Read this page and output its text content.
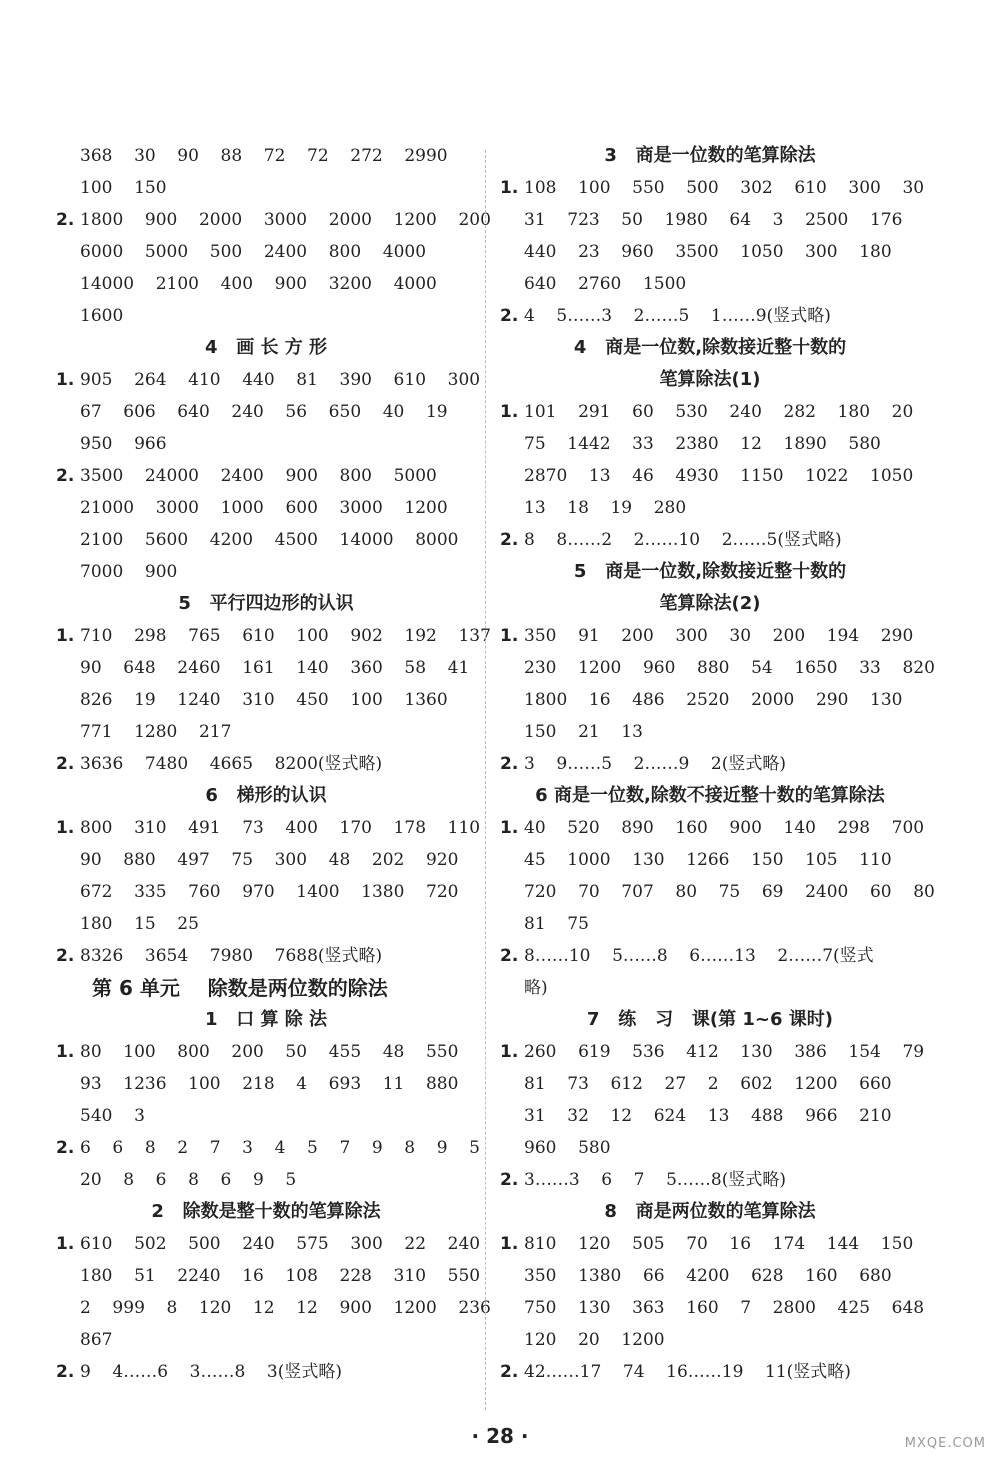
368    30    90    88    72    72    272    2990
100    150
2. 1800    900    2000    3000    2000    1200    200
6000    5000    500    2400    800    4000
14000    2100    400    900    3200    4000
1600
4   画 长 方 形
1. 905    264    410    440    81    390    610    300
67    606    640    240    56    650    40    19
950    966
2. 3500    24000    2400    900    800    5000
21000    3000    1000    600    3000    1200
2100    5600    4200    4500    14000    8000
7000    900
5   平行四边形的认识
1. 710    298    765    610    100    902    192    137
90    648    2460    161    140    360    58    41
826    19    1240    310    450    100    1360
771    1280    217
2. 3636    7480    4665    8200(竖式略)
6   梯形的认识
1. 800    310    491    73    400    170    178    110
90    880    497    75    300    48    202    920
672    335    760    970    1400    1380    720
180    15    25
2. 8326    3654    7980    7688(竖式略)
第 6 单元    除数是两位数的除法
1   口 算 除 法
1. 80    100    800    200    50    455    48    550
93    1236    100    218    4    693    11    880
540    3
2. 6    6    8    2    7    3    4    5    7    9    8    9    5
20    8    6    8    6    9    5
2   除数是整十数的笔算除法
1. 610    502    500    240    575    300    22    240
180    51    2240    16    108    228    310    550
2    999    8    120    12    12    900    1200    236
867
2. 9    4……6    3……8    3(竖式略)
3   商是一位数的笔算除法
1. 108    100    550    500    302    610    300    30
31    723    50    1980    64    3    2500    176
440    23    960    3500    1050    300    180
640    2760    1500
2. 4    5……3    2……5    1……9(竖式略)
4   商是一位数,除数接近整十数的
笔算除法(1)
1. 101    291    60    530    240    282    180    20
75    1442    33    2380    12    1890    580
2870    13    46    4930    1150    1022    1050
13    18    19    280
2. 8    8……2    2……10    2……5(竖式略)
5   商是一位数,除数接近整十数的
笔算除法(2)
1. 350    91    200    300    30    200    194    290
230    1200    960    880    54    1650    33    820
1800    16    486    2520    2000    290    130
150    21    13
2. 3    9……5    2……9    2(竖式略)
6 商是一位数,除数不接近整十数的笔算除法
1. 40    520    890    160    900    140    298    700
45    1000    130    1266    150    105    110
720    70    707    80    75    69    2400    60    80
81    75
2. 8……10    5……8    6……13    2……7(竖式
略)
7   练   习   课(第 1~6 课时)
1. 260    619    536    412    130    386    154    79
81    73    612    27    2    602    1200    660
31    32    12    624    13    488    966    210
960    580
2. 3……3    6    7    5……8(竖式略)
8   商是两位数的笔算除法
1. 810    120    505    70    16    174    144    150
350    1380    66    4200    628    160    680
750    130    363    160    7    2800    425    648
120    20    1200
2. 42……17    74    16……19    11(竖式略)
· 28 ·	MXQE.COM
